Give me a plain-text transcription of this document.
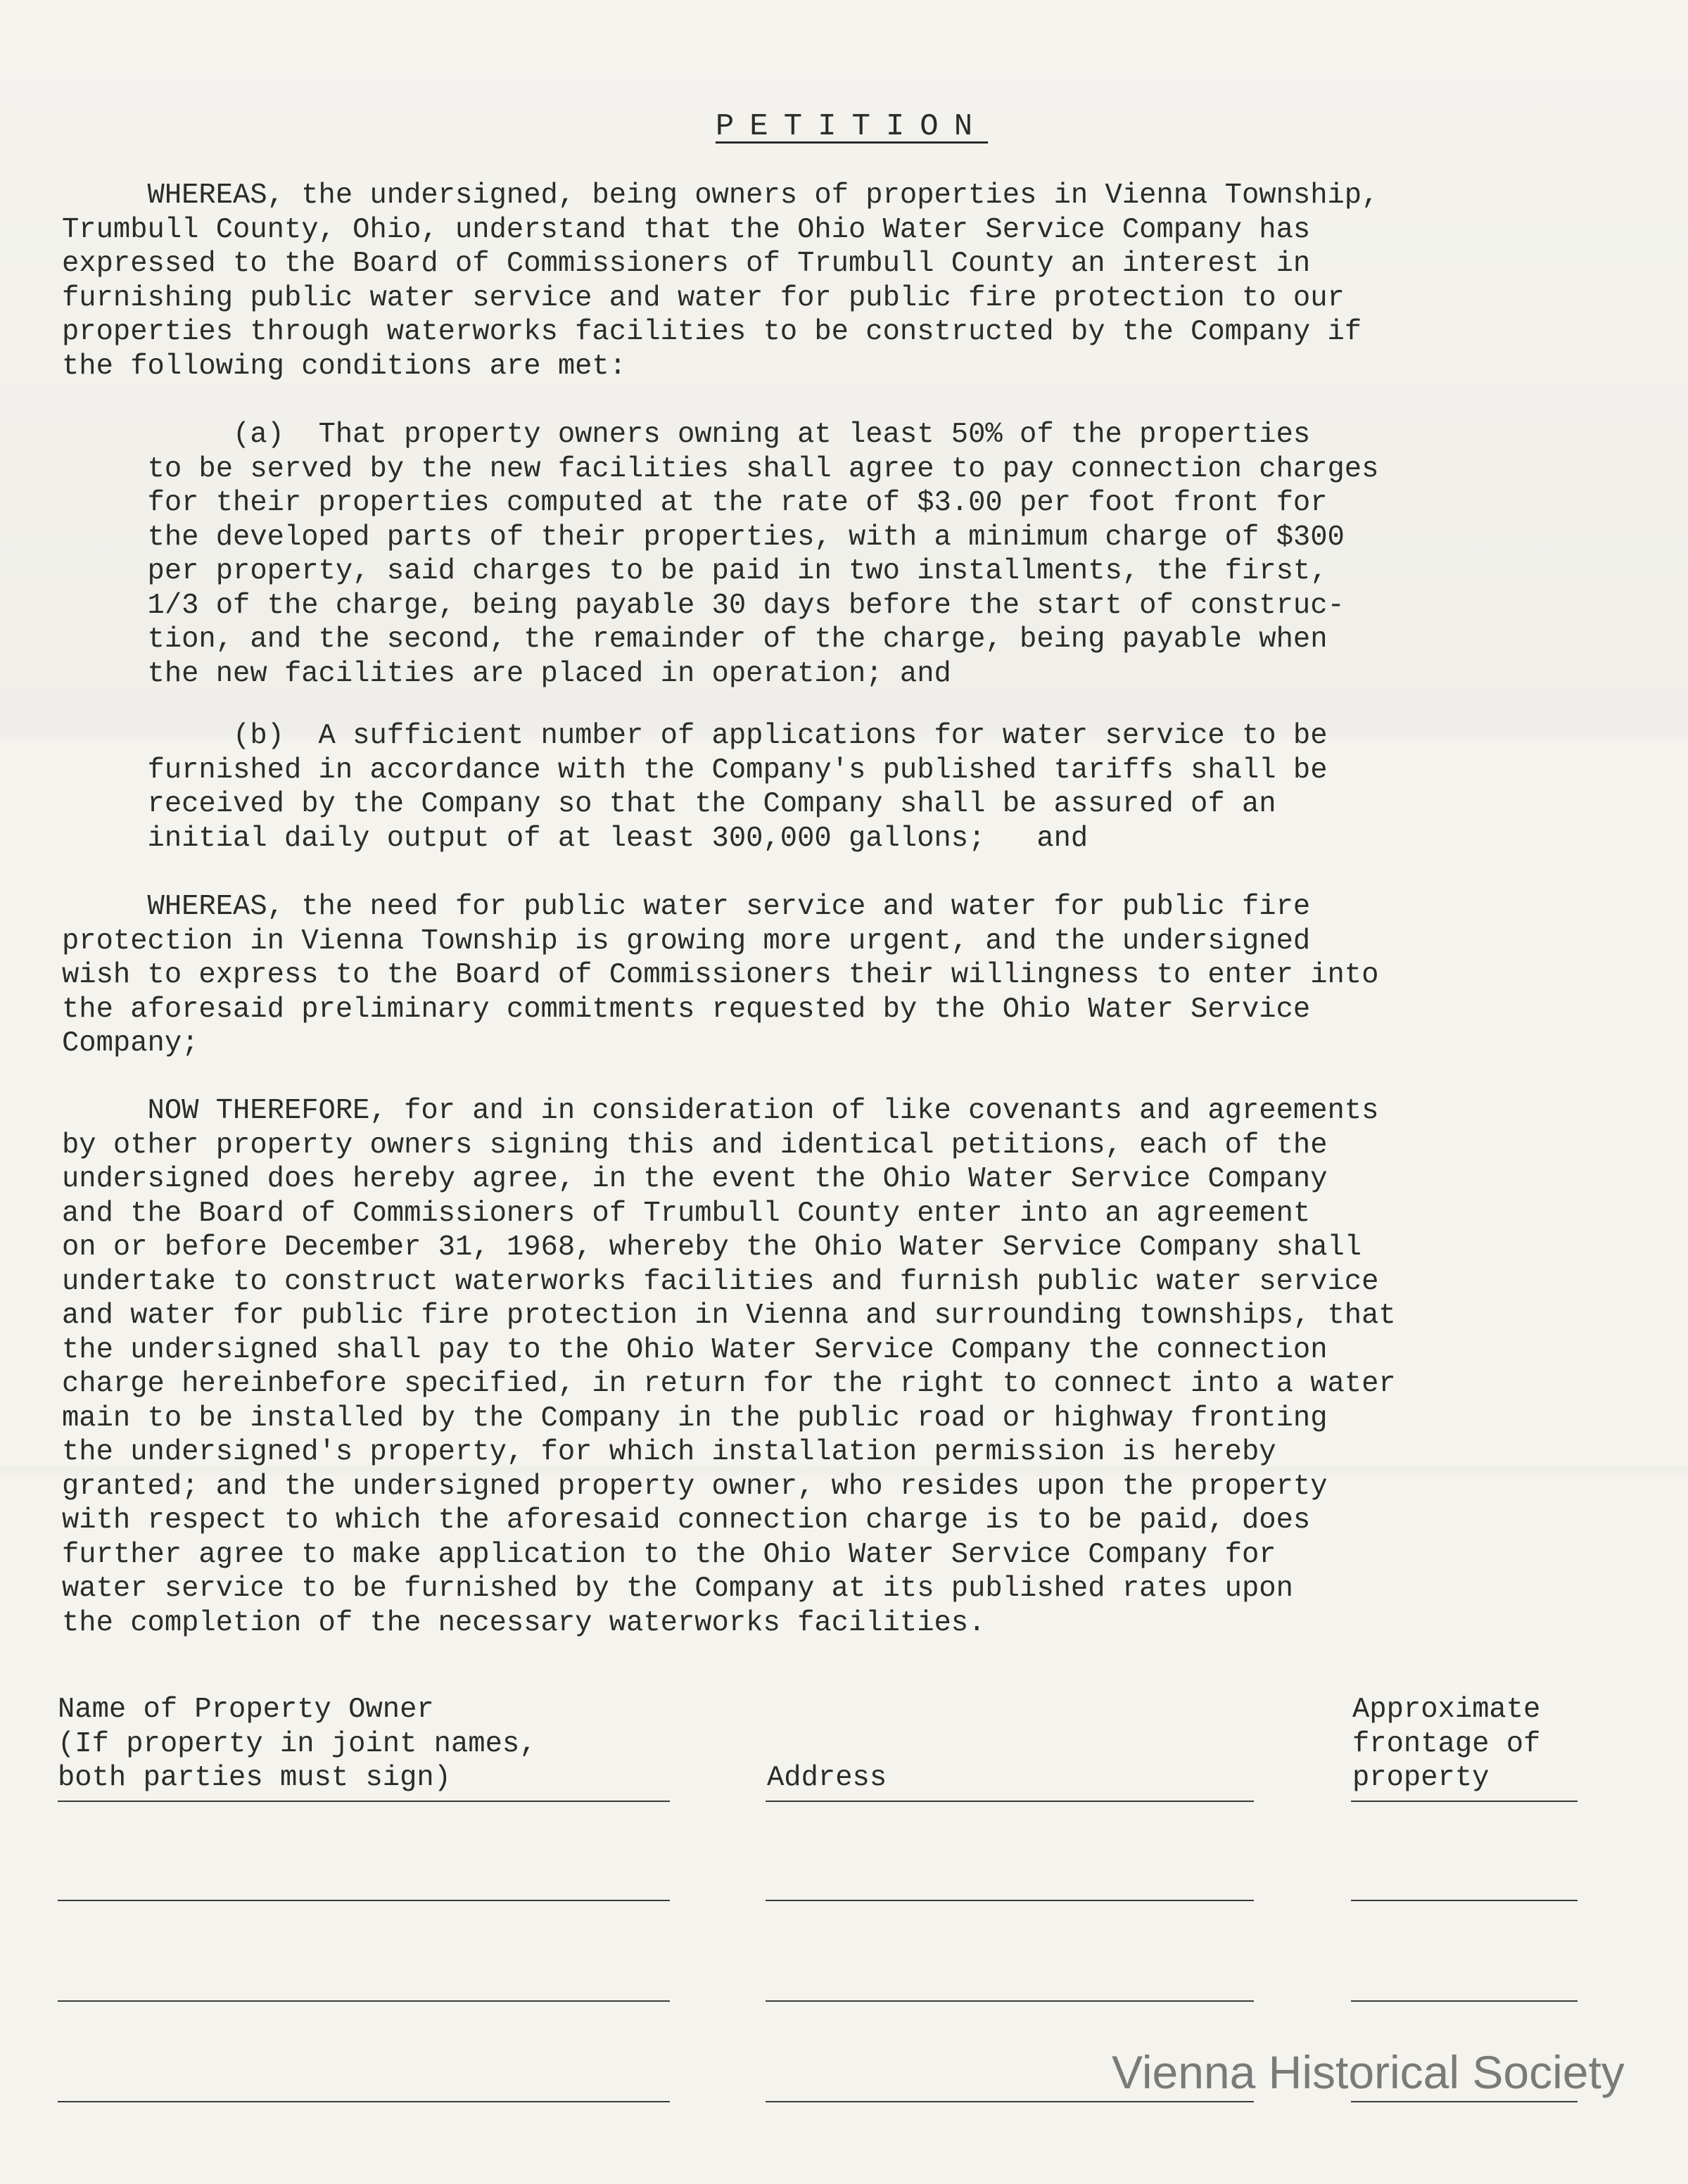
PETITION

WHEREAS, the undersigned, being owners of properties in Vienna Township,
Trumbull County, Ohio, understand that the Ohio Water Service Company has
expressed to the Board of Commissioners of Trumbull County an interest in
furnishing public water service and water for public fire protection to our
properties through waterworks facilities to be constructed by the Company if
the following conditions are met:

(a)  That property owners owning at least 50% of the properties
to be served by the new facilities shall agree to pay connection charges
for their properties computed at the rate of $3.00 per foot front for
the developed parts of their properties, with a minimum charge of $300
per property, said charges to be paid in two installments, the first,
1/3 of the charge, being payable 30 days before the start of construc-
tion, and the second, the remainder of the charge, being payable when
the new facilities are placed in operation; and

(b)  A sufficient number of applications for water service to be
furnished in accordance with the Company's published tariffs shall be
received by the Company so that the Company shall be assured of an
initial daily output of at least 300,000 gallons;   and

WHEREAS, the need for public water service and water for public fire
protection in Vienna Township is growing more urgent, and the undersigned
wish to express to the Board of Commissioners their willingness to enter into
the aforesaid preliminary commitments requested by the Ohio Water Service
Company;

NOW THEREFORE, for and in consideration of like covenants and agreements
by other property owners signing this and identical petitions, each of the
undersigned does hereby agree, in the event the Ohio Water Service Company
and the Board of Commissioners of Trumbull County enter into an agreement
on or before December 31, 1968, whereby the Ohio Water Service Company shall
undertake to construct waterworks facilities and furnish public water service
and water for public fire protection in Vienna and surrounding townships, that
the undersigned shall pay to the Ohio Water Service Company the connection
charge hereinbefore specified, in return for the right to connect into a water
main to be installed by the Company in the public road or highway fronting
the undersigned's property, for which installation permission is hereby
granted; and the undersigned property owner, who resides upon the property
with respect to which the aforesaid connection charge is to be paid, does
further agree to make application to the Ohio Water Service Company for
water service to be furnished by the Company at its published rates upon
the completion of the necessary waterworks facilities.

Name of Property Owner
(If property in joint names,
both parties must sign)	Address

Approximate
frontage of
property

Vienna Historical Society
